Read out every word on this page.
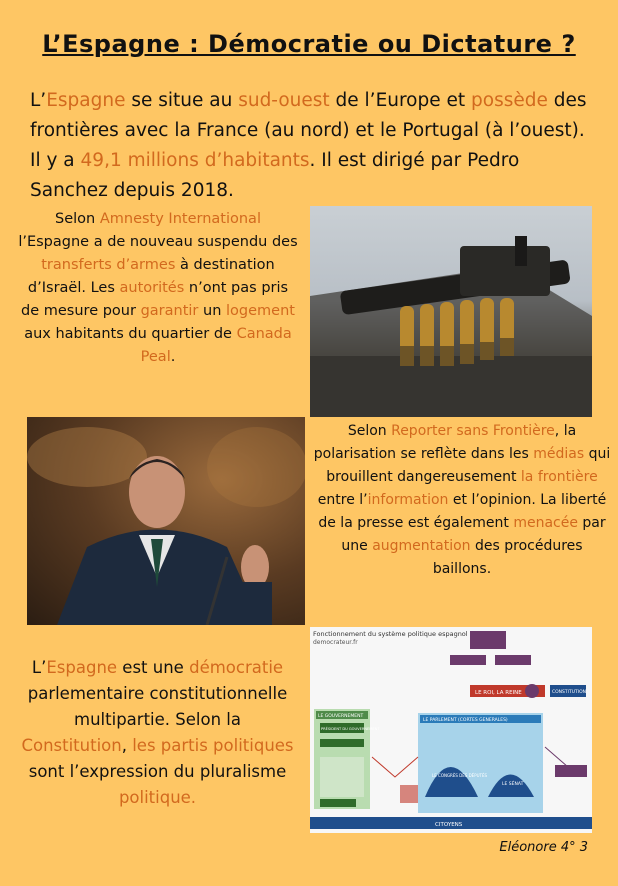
L’Espagne : Démocratie ou Dictature ?

L’Espagne se situe au sud-ouest de l’Europe et possède des frontières avec la France (au nord) et le Portugal (à l’ouest). Il y a 49,1 millions d’habitants. Il est dirigé par Pedro Sanchez depuis 2018.

Selon Amnesty International l’Espagne a de nouveau suspendu des transferts d’armes à destination d’Israël. Les autorités n’ont pas pris de mesure pour garantir un logement aux habitants du quartier de Canada Peal.
Selon Reporter sans Frontière, la polarisation se reflète dans les médias qui brouillent dangereusement la frontière entre l’information et l’opinion. La liberté de la presse est également menacée par une augmentation des procédures baillons.
L’Espagne est une démocratie parlementaire constitutionnelle multipartie. Selon la Constitution, les partis politiques sont l’expression du pluralisme politique.
Fonctionnement du système politique espagnol
democrateur.fr
LE ROI, LA REINE	CONSTITUTION
LE GOUVERNEMENT
PRÉSIDENT DU GOUVERNEMENT
LE PARLEMENT (CORTES GENERALES)
LE CONGRÈS DES DÉPUTÉS
LE SÉNAT
CITOYENS
Eléonore 4° 3
